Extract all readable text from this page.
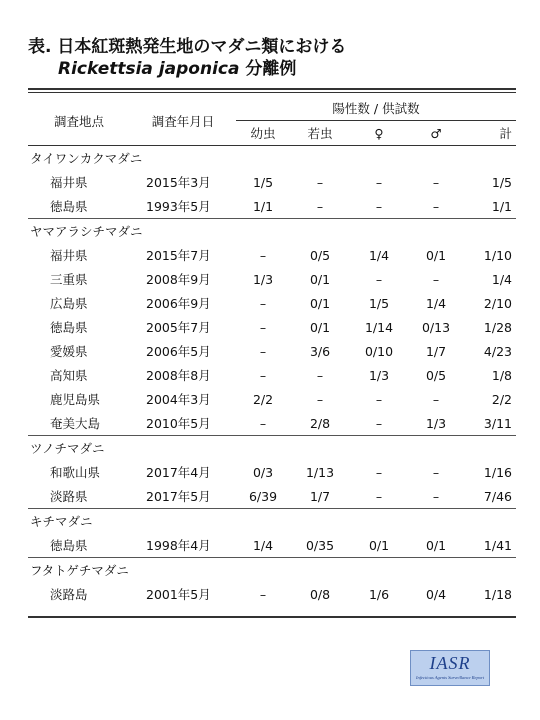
表. 日本紅斑熱発生地のマダニ類における
Rickettsia japonica 分離例
調査地点	調査年月日	陽性数 / 供試数				
		幼虫	若虫	♀	♂	計
タイワンカクマダニ						
福井県	2015年3月	1/5	–	–	–	1/5
徳島県	1993年5月	1/1	–	–	–	1/1
ヤマアラシチマダニ						
福井県	2015年7月	–	0/5	1/4	0/1	1/10
三重県	2008年9月	1/3	0/1	–	–	1/4
広島県	2006年9月	–	0/1	1/5	1/4	2/10
徳島県	2005年7月	–	0/1	1/14	0/13	1/28
愛媛県	2006年5月	–	3/6	0/10	1/7	4/23
高知県	2008年8月	–	–	1/3	0/5	1/8
鹿児島県	2004年3月	2/2	–	–	–	2/2
奄美大島	2010年5月	–	2/8	–	1/3	3/11
ツノチマダニ						
和歌山県	2017年4月	0/3	1/13	–	–	1/16
淡路県	2017年5月	6/39	1/7	–	–	7/46
キチマダニ						
徳島県	1998年4月	1/4	0/35	0/1	0/1	1/41
フタトゲチマダニ						
淡路島	2001年5月	–	0/8	1/6	0/4	1/18
IASR
Infectious Agents Surveillance Report
